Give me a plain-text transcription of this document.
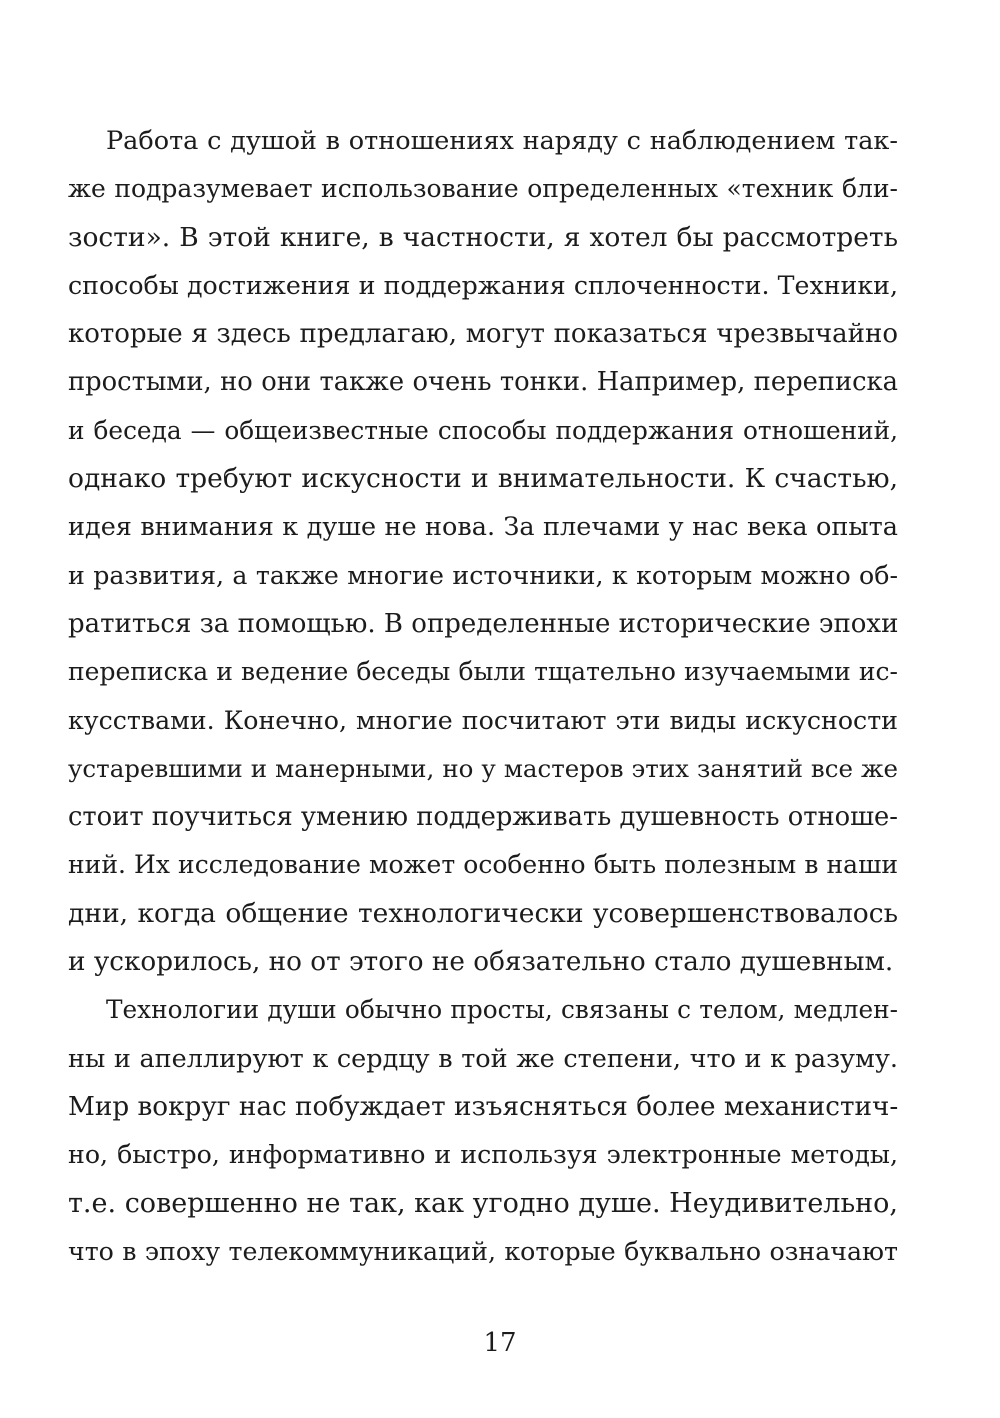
Работа с душой в отношениях наряду с наблюдением так-
же подразумевает использование определенных «техник бли-
зости». В этой книге, в частности, я хотел бы рассмотреть
способы достижения и поддержания сплоченности. Техники,
которые я здесь предлагаю, могут показаться чрезвычайно
простыми, но они также очень тонки. Например, переписка
и беседа — общеизвестные способы поддержания отношений,
однако требуют искусности и внимательности. К счастью,
идея внимания к душе не нова. За плечами у нас века опыта
и развития, а также многие источники, к которым можно об-
ратиться за помощью. В определенные исторические эпохи
переписка и ведение беседы были тщательно изучаемыми ис-
кусствами. Конечно, многие посчитают эти виды искусности
устаревшими и манерными, но у мастеров этих занятий все же
стоит поучиться умению поддерживать душевность отноше-
ний. Их исследование может особенно быть полезным в наши
дни, когда общение технологически усовершенствовалось
и ускорилось, но от этого не обязательно стало душевным.
Технологии души обычно просты, связаны с телом, медлен-
ны и апеллируют к сердцу в той же степени, что и к разуму.
Мир вокруг нас побуждает изъясняться более механистич-
но, быстро, информативно и используя электронные методы,
т.е. совершенно не так, как угодно душе. Неудивительно,
что в эпоху телекоммуникаций, которые буквально означают
17
